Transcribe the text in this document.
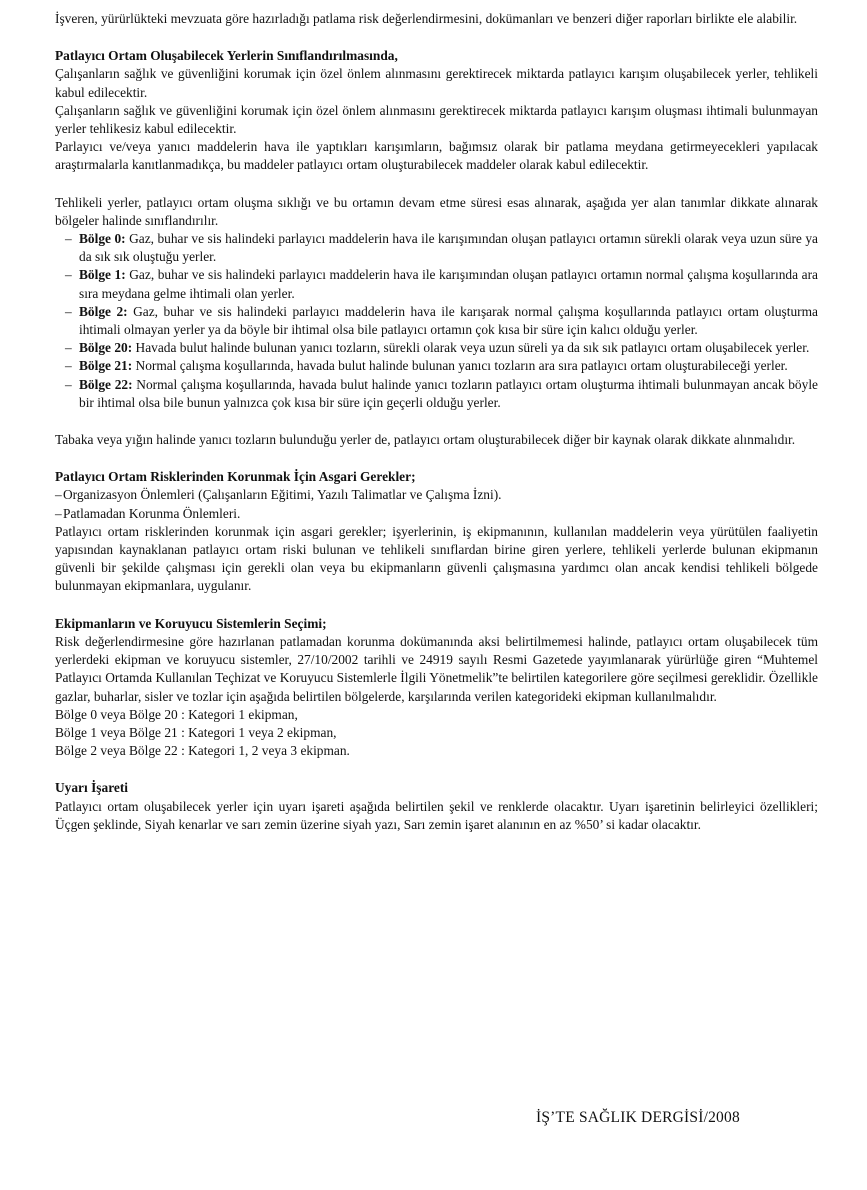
İşveren, yürürlükteki mevzuata göre hazırladığı patlama risk değerlendirmesini, dokümanları ve benzeri diğer raporları birlikte ele alabilir.

Patlayıcı Ortam Oluşabilecek Yerlerin Sınıflandırılmasında,

Çalışanların sağlık ve güvenliğini korumak için özel önlem alınmasını gerektirecek miktarda patlayıcı karışım oluşabilecek yerler, tehlikeli kabul edilecektir.

Çalışanların sağlık ve güvenliğini korumak için özel önlem alınmasını gerektirecek miktarda patlayıcı karışım oluşması ihtimali bulunmayan yerler tehlikesiz kabul edilecektir.

Parlayıcı ve/veya yanıcı maddelerin hava ile yaptıkları karışımların, bağımsız olarak bir patlama meydana getirmeyecekleri yapılacak araştırmalarla kanıtlanmadıkça, bu maddeler patlayıcı ortam oluşturabilecek maddeler olarak kabul edilecektir.

Tehlikeli yerler, patlayıcı ortam oluşma sıklığı ve bu ortamın devam etme süresi esas alınarak, aşağıda yer alan tanımlar dikkate alınarak bölgeler halinde sınıflandırılır.

– Bölge 0: Gaz, buhar ve sis halindeki parlayıcı maddelerin hava ile karışımından oluşan patlayıcı ortamın sürekli olarak veya uzun süre ya da sık sık oluştuğu yerler.
– Bölge 1: Gaz, buhar ve sis halindeki parlayıcı maddelerin hava ile karışımından oluşan patlayıcı ortamın normal çalışma koşullarında ara sıra meydana gelme ihtimali olan yerler.
– Bölge 2: Gaz, buhar ve sis halindeki parlayıcı maddelerin hava ile karışarak normal çalışma koşullarında patlayıcı ortam oluşturma ihtimali olmayan yerler ya da böyle bir ihtimal olsa bile patlayıcı ortamın çok kısa bir süre için kalıcı olduğu yerler.
– Bölge 20: Havada bulut halinde bulunan yanıcı tozların, sürekli olarak veya uzun süreli ya da sık sık patlayıcı ortam oluşabilecek yerler.
– Bölge 21: Normal çalışma koşullarında, havada bulut halinde bulunan yanıcı tozların ara sıra patlayıcı ortam oluşturabileceği yerler.
– Bölge 22: Normal çalışma koşullarında, havada bulut halinde yanıcı tozların patlayıcı ortam oluşturma ihtimali bulunmayan ancak böyle bir ihtimal olsa bile bunun yalnızca çok kısa bir süre için geçerli olduğu yerler.

Tabaka veya yığın halinde yanıcı tozların bulunduğu yerler de, patlayıcı ortam oluşturabilecek diğer bir kaynak olarak dikkate alınmalıdır.

Patlayıcı Ortam Risklerinden Korunmak İçin Asgari Gerekler;

– Organizasyon Önlemleri (Çalışanların Eğitimi, Yazılı Talimatlar ve Çalışma İzni).
– Patlamadan Korunma Önlemleri.

Patlayıcı ortam risklerinden korunmak için asgari gerekler; işyerlerinin, iş ekipmanının, kullanılan maddelerin veya yürütülen faaliyetin yapısından kaynaklanan patlayıcı ortam riski bulunan ve tehlikeli sınıflardan birine giren yerlere, tehlikeli yerlerde bulunan ekipmanın güvenli bir şekilde çalışması için gerekli olan veya bu ekipmanların güvenli çalışmasına yardımcı olan ancak kendisi tehlikeli bölgede bulunmayan ekipmanlara, uygulanır.

Ekipmanların ve Koruyucu Sistemlerin Seçimi;

Risk değerlendirmesine göre hazırlanan patlamadan korunma dokümanında aksi belirtilmemesi halinde, patlayıcı ortam oluşabilecek tüm yerlerdeki ekipman ve koruyucu sistemler, 27/10/2002 tarihli ve 24919 sayılı Resmi Gazetede yayımlanarak yürürlüğe giren “Muhtemel Patlayıcı Ortamda Kullanılan Teçhizat ve Koruyucu Sistemlerle İlgili Yönetmelik”te belirtilen kategorilere göre seçilmesi gereklidir. Özellikle gazlar, buharlar, sisler ve tozlar için aşağıda belirtilen bölgelerde, karşılarında verilen kategorideki ekipman kullanılmalıdır.

Bölge 0 veya Bölge 20 : Kategori 1 ekipman,

Bölge 1 veya Bölge 21 : Kategori 1 veya 2 ekipman,

Bölge 2 veya Bölge 22 : Kategori 1, 2 veya 3 ekipman.

Uyarı İşareti

Patlayıcı ortam oluşabilecek yerler için uyarı işareti aşağıda belirtilen şekil ve renklerde olacaktır. Uyarı işaretinin belirleyici özellikleri; Üçgen şeklinde, Siyah kenarlar ve sarı zemin üzerine siyah yazı, Sarı zemin işaret alanının en az %50’ si kadar olacaktır.

İŞ’TE SAĞLIK DERGİSİ/2008
